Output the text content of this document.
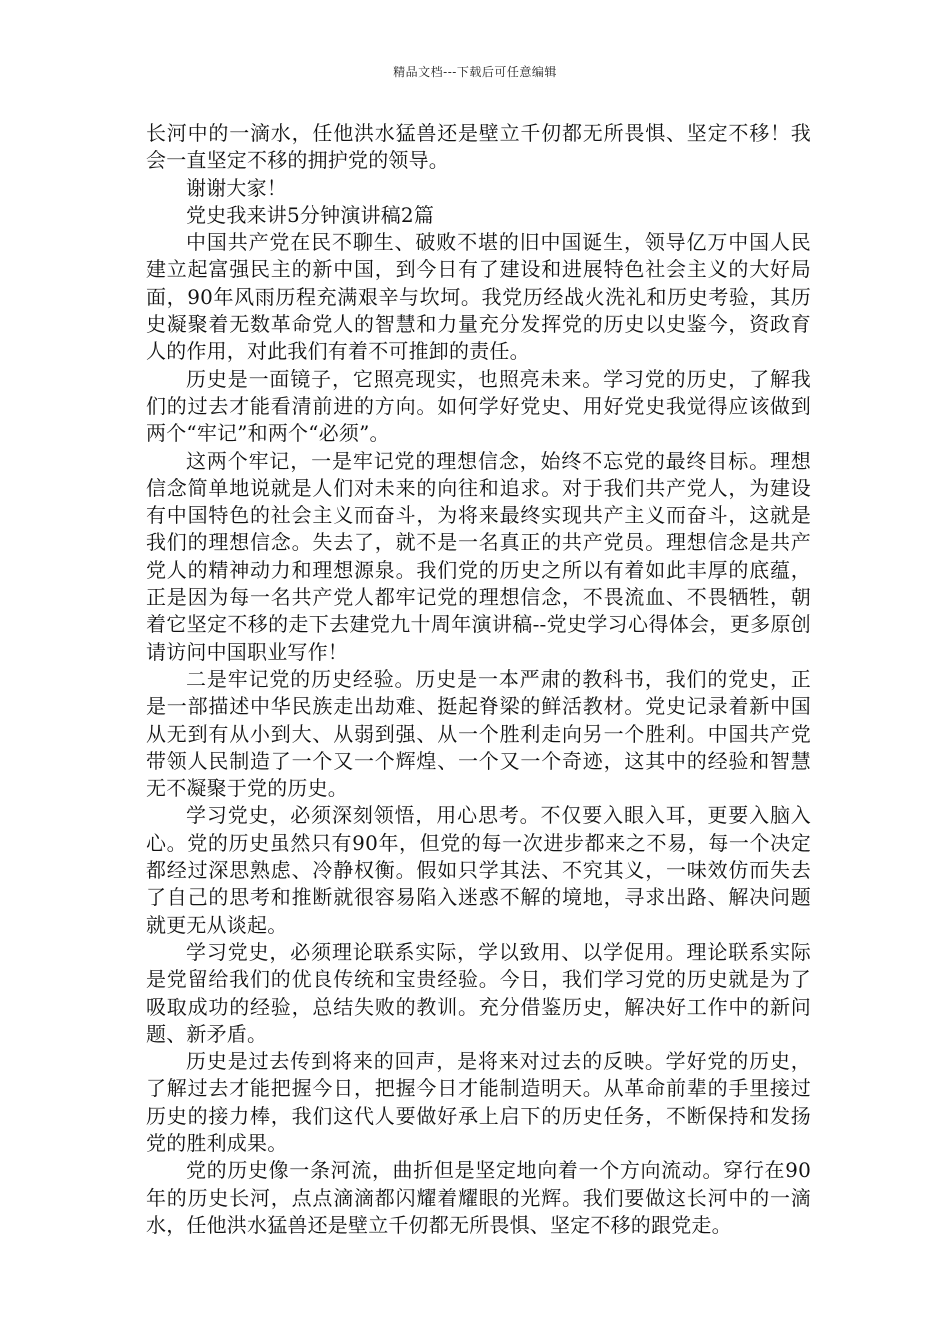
精品文档---下载后可任意编辑

长河中的一滴水，任他洪水猛兽还是壁立千仞都无所畏惧、坚定不移！我会一直坚定不移的拥护党的领导。

谢谢大家！

党史我来讲5分钟演讲稿2篇

中国共产党在民不聊生、破败不堪的旧中国诞生，领导亿万中国人民建立起富强民主的新中国，到今日有了建设和进展特色社会主义的大好局面，90年风雨历程充满艰辛与坎坷。我党历经战火洗礼和历史考验，其历史凝聚着无数革命党人的智慧和力量充分发挥党的历史以史鉴今，资政育人的作用，对此我们有着不可推卸的责任。

历史是一面镜子，它照亮现实，也照亮未来。学习党的历史，了解我们的过去才能看清前进的方向。如何学好党史、用好党史我觉得应该做到两个“牢记”和两个“必须”。

这两个牢记，一是牢记党的理想信念，始终不忘党的最终目标。理想信念简单地说就是人们对未来的向往和追求。对于我们共产党人，为建设有中国特色的社会主义而奋斗，为将来最终实现共产主义而奋斗，这就是我们的理想信念。失去了，就不是一名真正的共产党员。理想信念是共产党人的精神动力和理想源泉。我们党的历史之所以有着如此丰厚的底蕴，正是因为每一名共产党人都牢记党的理想信念，不畏流血、不畏牺牲，朝着它坚定不移的走下去建党九十周年演讲稿--党史学习心得体会，更多原创请访问中国职业写作！

二是牢记党的历史经验。历史是一本严肃的教科书，我们的党史，正是一部描述中华民族走出劫难、挺起脊梁的鲜活教材。党史记录着新中国从无到有从小到大、从弱到强、从一个胜利走向另一个胜利。中国共产党带领人民制造了一个又一个辉煌、一个又一个奇迹，这其中的经验和智慧无不凝聚于党的历史。

学习党史，必须深刻领悟，用心思考。不仅要入眼入耳，更要入脑入心。党的历史虽然只有90年，但党的每一次进步都来之不易，每一个决定都经过深思熟虑、冷静权衡。假如只学其法、不究其义，一味效仿而失去了自己的思考和推断就很容易陷入迷惑不解的境地，寻求出路、解决问题就更无从谈起。

学习党史，必须理论联系实际，学以致用、以学促用。理论联系实际是党留给我们的优良传统和宝贵经验。今日，我们学习党的历史就是为了吸取成功的经验，总结失败的教训。充分借鉴历史，解决好工作中的新问题、新矛盾。

历史是过去传到将来的回声，是将来对过去的反映。学好党的历史，了解过去才能把握今日，把握今日才能制造明天。从革命前辈的手里接过历史的接力棒，我们这代人要做好承上启下的历史任务，不断保持和发扬党的胜利成果。

党的历史像一条河流，曲折但是坚定地向着一个方向流动。穿行在90年的历史长河，点点滴滴都闪耀着耀眼的光辉。我们要做这长河中的一滴水，任他洪水猛兽还是壁立千仞都无所畏惧、坚定不移的跟党走。
